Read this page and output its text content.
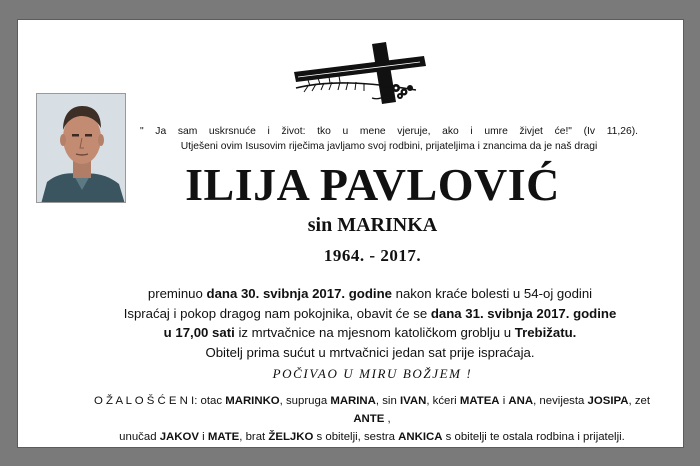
" Ja sam uskrsnuće i život: tko u mene vjeruje, ako i umre živjet će!" (Iv 11,26).
Utješeni ovim Isusovim riječima javljamo svoj rodbini, prijateljima i znancima da je naš dragi
ILIJA PAVLOVIĆ
sin MARINKA
1964. - 2017.
preminuo dana 30. svibnja 2017. godine nakon kraće bolesti u 54-oj godini
Ispraćaj i pokop dragog nam pokojnika, obavit će se dana 31. svibnja 2017. godine
u 17,00 sati iz mrtvačnice na mjesnom katoličkom groblju u Trebižatu.
Obitelj prima sućut u mrtvačnici jedan sat prije ispraćaja.
POČIVAO U MIRU BOŽJEM !
O Ž A L O Š Ć E N I: otac MARINKO, supruga MARINA, sin IVAN, kćeri MATEA i ANA, nevijesta JOSIPA, zet ANTE ,
unučad JAKOV i MATE, brat ŽELJKO s obitelji, sestra ANKICA s obitelji te ostala rodbina i prijatelji.
